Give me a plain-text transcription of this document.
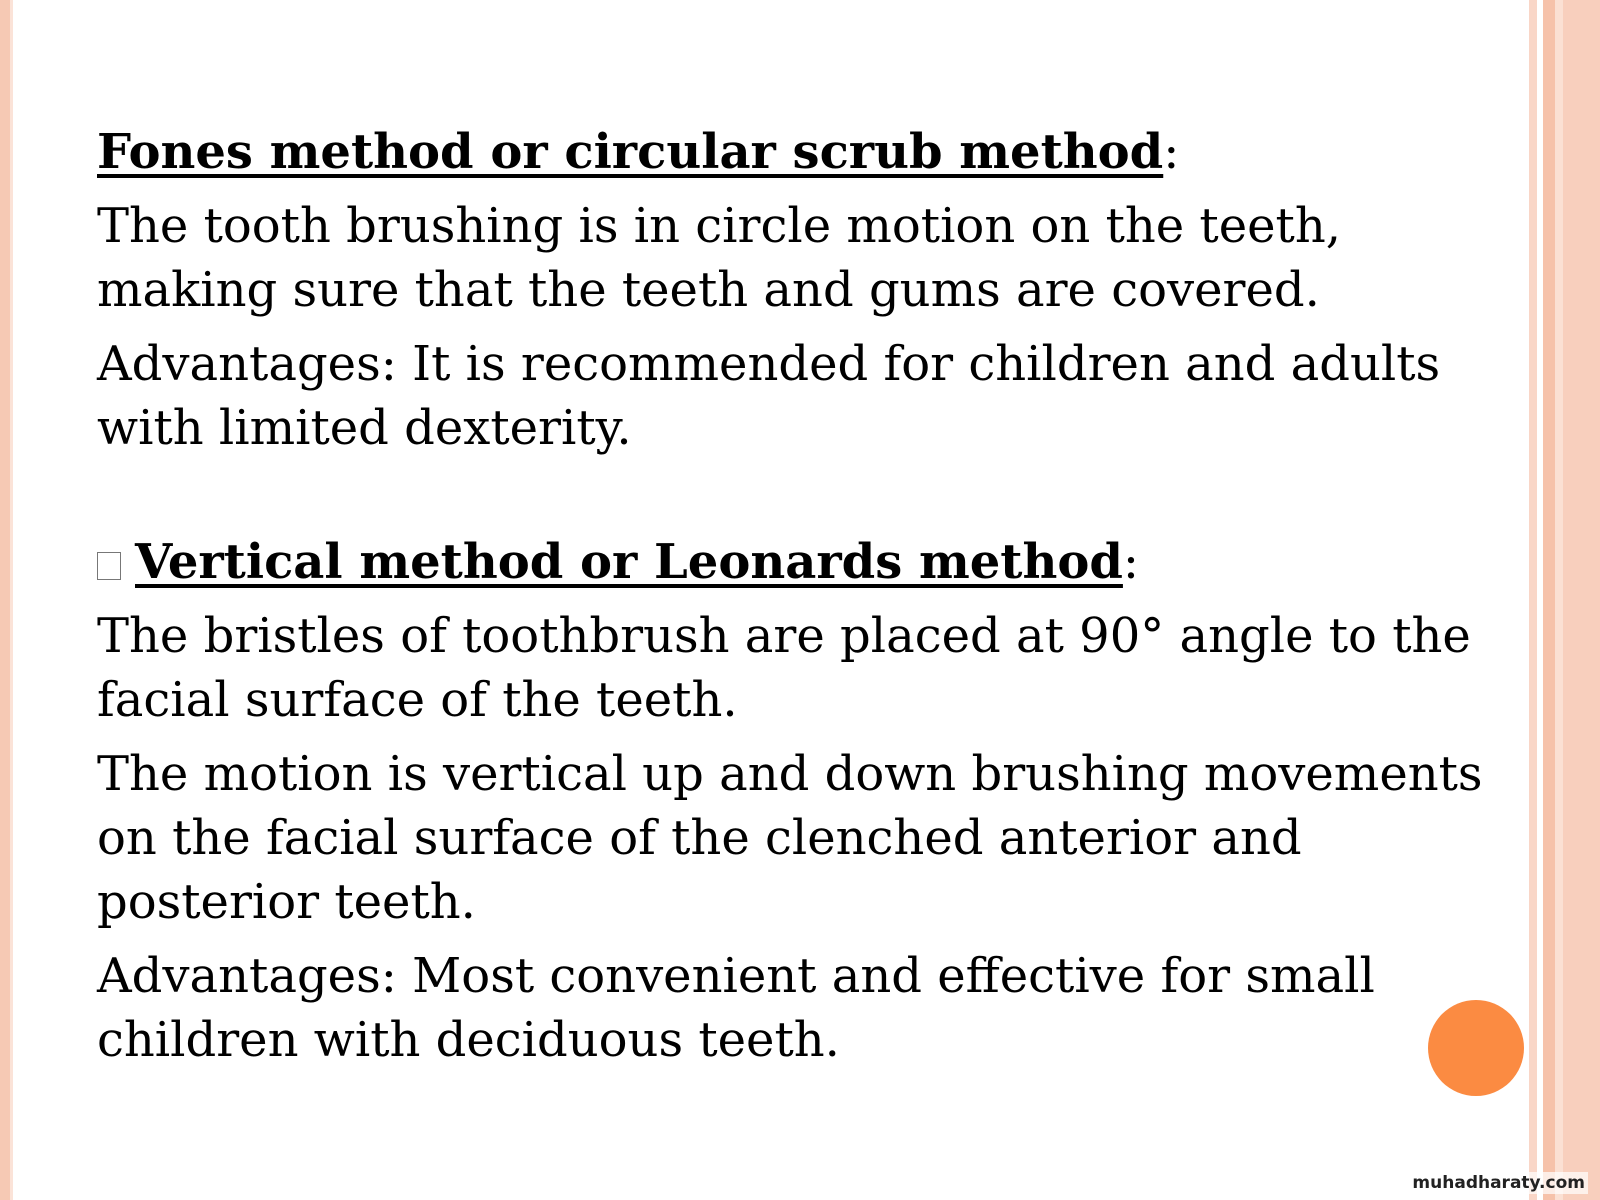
Fones method or circular scrub method:

The tooth brushing is in circle motion on the teeth, making sure that the teeth and gums are covered.

Advantages: It is recommended for children and adults with limited dexterity.

Vertical method or Leonards method:

The bristles of toothbrush are placed at 90° angle to the facial surface of the teeth.

The motion is vertical up and down brushing movements on the facial surface of the clenched anterior and posterior teeth.

Advantages: Most convenient and effective for small children with deciduous teeth.

muhadharaty.com
